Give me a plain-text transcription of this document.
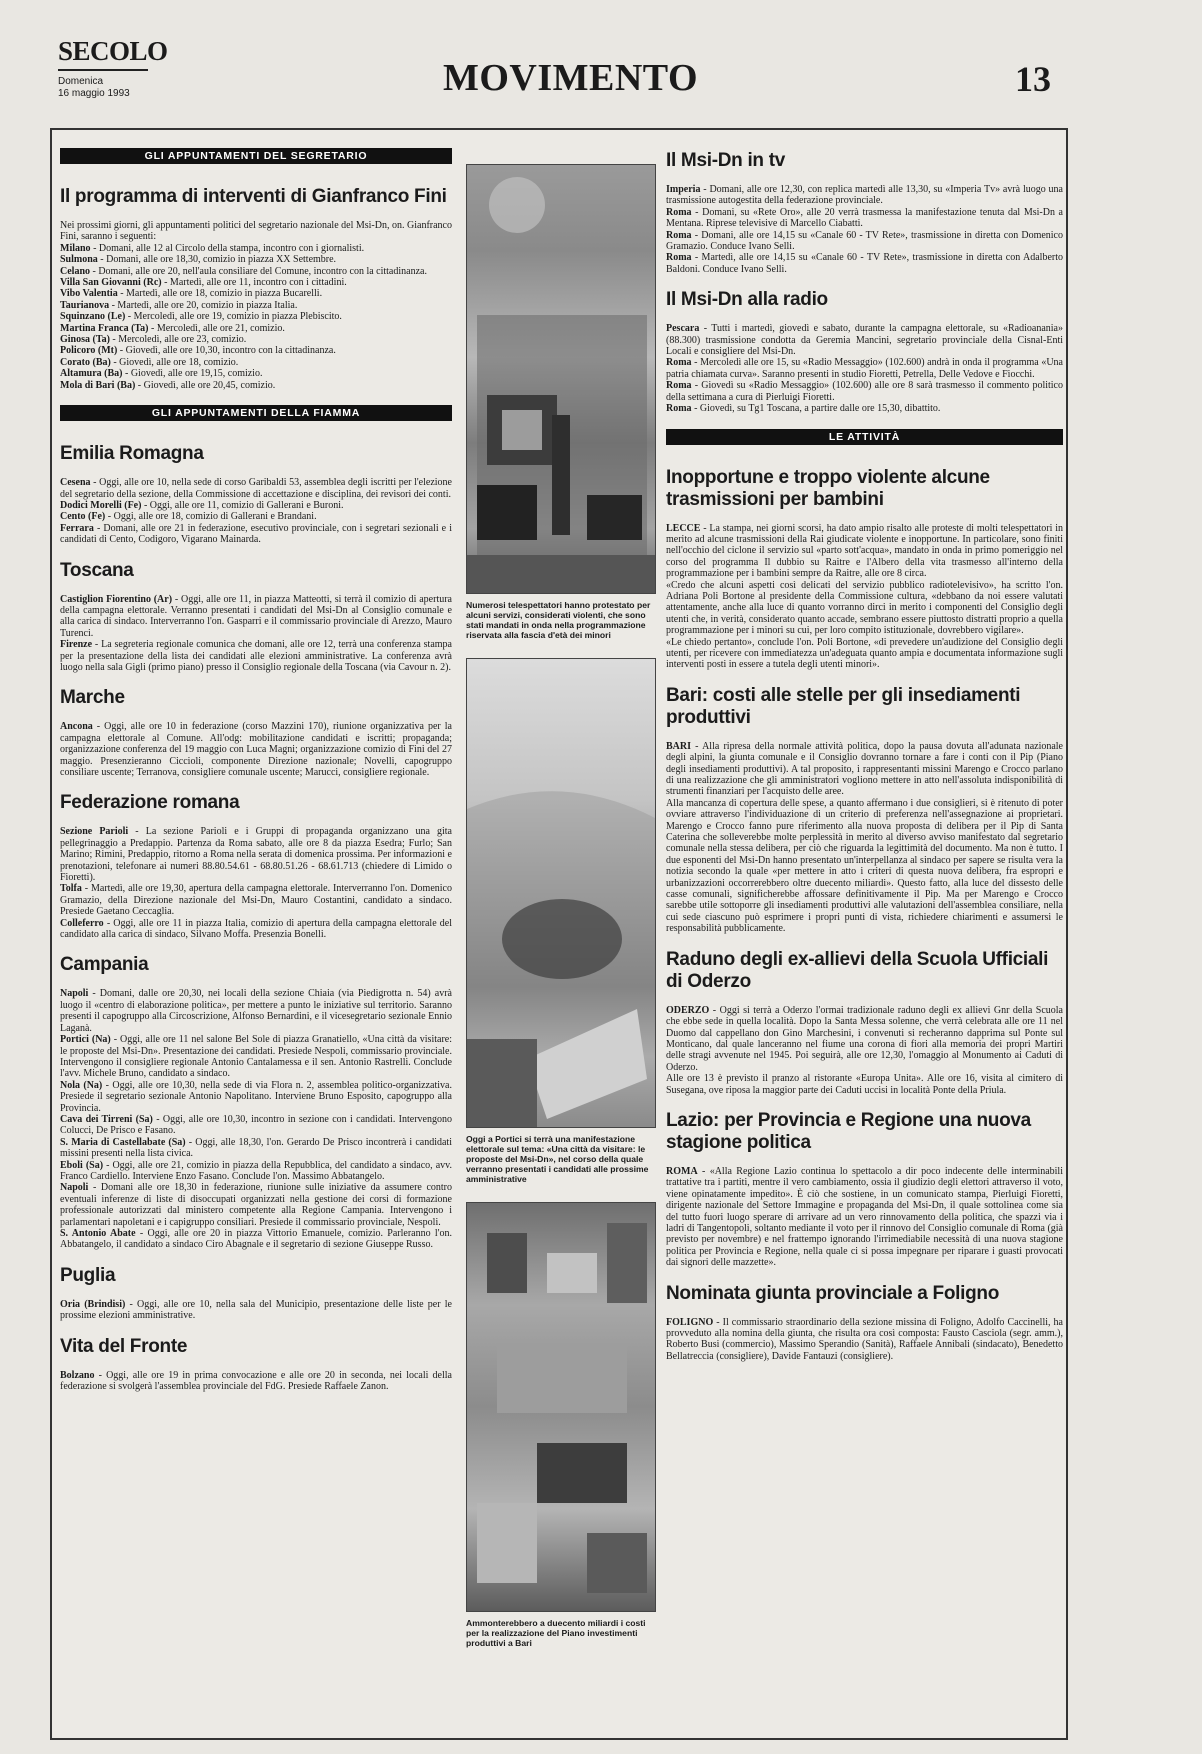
SECOLO
Domenica
16 maggio 1993	MOVIMENTO	13
GLI APPUNTAMENTI DEL SEGRETARIO
Il programma di interventi di Gianfranco Fini

Nei prossimi giorni, gli appuntamenti politici del segretario nazionale del Msi-Dn, on. Gianfranco Fini, saranno i seguenti:

Milano - Domani, alle 12 al Circolo della stampa, incontro con i giornalisti.

Sulmona - Domani, alle ore 18,30, comizio in piazza XX Settembre.

Celano - Domani, alle ore 20, nell'aula consiliare del Comune, incontro con la cittadinanza.

Villa San Giovanni (Rc) - Martedì, alle ore 11, incontro con i cittadini.

Vibo Valentia - Martedì, alle ore 18, comizio in piazza Bucarelli.

Taurianova - Martedì, alle ore 20, comizio in piazza Italia.

Squinzano (Le) - Mercoledì, alle ore 19, comizio in piazza Plebiscito.

Martina Franca (Ta) - Mercoledì, alle ore 21, comizio.

Ginosa (Ta) - Mercoledì, alle ore 23, comizio.

Policoro (Mt) - Giovedì, alle ore 10,30, incontro con la cittadinanza.

Corato (Ba) - Giovedì, alle ore 18, comizio.

Altamura (Ba) - Giovedì, alle ore 19,15, comizio.

Mola di Bari (Ba) - Giovedì, alle ore 20,45, comizio.

GLI APPUNTAMENTI DELLA FIAMMA
Emilia Romagna

Cesena - Oggi, alle ore 10, nella sede di corso Garibaldi 53, assemblea degli iscritti per l'elezione del segretario della sezione, della Commissione di accettazione e disciplina, dei revisori dei conti.

Dodici Morelli (Fe) - Oggi, alle ore 11, comizio di Gallerani e Buroni.

Cento (Fe) - Oggi, alle ore 18, comizio di Gallerani e Brandani.

Ferrara - Domani, alle ore 21 in federazione, esecutivo provinciale, con i segretari sezionali e i candidati di Cento, Codigoro, Vigarano Mainarda.

Toscana

Castiglion Fiorentino (Ar) - Oggi, alle ore 11, in piazza Matteotti, si terrà il comizio di apertura della campagna elettorale. Verranno presentati i candidati del Msi-Dn al Consiglio comunale e alla carica di sindaco. Interverranno l'on. Gasparri e il commissario provinciale di Arezzo, Mauro Turenci.

Firenze - La segreteria regionale comunica che domani, alle ore 12, terrà una conferenza stampa per la presentazione della lista dei candidati alle elezioni amministrative. La conferenza avrà luogo nella sala Gigli (primo piano) presso il Consiglio regionale della Toscana (via Cavour n. 2).

Marche

Ancona - Oggi, alle ore 10 in federazione (corso Mazzini 170), riunione organizzativa per la campagna elettorale al Comune. All'odg: mobilitazione candidati e iscritti; propaganda; organizzazione conferenza del 19 maggio con Luca Magni; organizzazione comizio di Fini del 27 maggio. Presenzieranno Ciccioli, componente Direzione nazionale; Novelli, capogruppo consiliare uscente; Terranova, consigliere comunale uscente; Marucci, consigliere regionale.

Federazione romana

Sezione Parioli - La sezione Parioli e i Gruppi di propaganda organizzano una gita pellegrinaggio a Predappio. Partenza da Roma sabato, alle ore 8 da piazza Esedra; Furlo; San Marino; Rimini, Predappio, ritorno a Roma nella serata di domenica prossima. Per informazioni e prenotazioni, telefonare ai numeri 88.80.54.61 - 68.80.51.26 - 68.61.713 (chiedere di Limido o Fioretti).

Tolfa - Martedì, alle ore 19,30, apertura della campagna elettorale. Interverranno l'on. Domenico Gramazio, della Direzione nazionale del Msi-Dn, Mauro Costantini, candidato a sindaco. Presiede Gaetano Ceccaglia.

Colleferro - Oggi, alle ore 11 in piazza Italia, comizio di apertura della campagna elettorale del candidato alla carica di sindaco, Silvano Moffa. Presenzia Bonelli.

Campania

Napoli - Domani, dalle ore 20,30, nei locali della sezione Chiaia (via Piedigrotta n. 54) avrà luogo il «centro di elaborazione politica», per mettere a punto le iniziative sul territorio. Saranno presenti il capogruppo alla Circoscrizione, Alfonso Bernardini, e il vicesegretario sezionale Ennio Laganà.

Portici (Na) - Oggi, alle ore 11 nel salone Bel Sole di piazza Granatiello, «Una città da visitare: le proposte del Msi-Dn». Presentazione dei candidati. Presiede Nespoli, commissario provinciale. Intervengono il consigliere regionale Antonio Cantalamessa e il sen. Antonio Rastrelli. Conclude l'avv. Michele Bruno, candidato a sindaco.

Nola (Na) - Oggi, alle ore 10,30, nella sede di via Flora n. 2, assemblea politico-organizzativa. Presiede il segretario sezionale Antonio Napolitano. Interviene Bruno Esposito, capogruppo alla Provincia.

Cava dei Tirreni (Sa) - Oggi, alle ore 10,30, incontro in sezione con i candidati. Intervengono Colucci, De Prisco e Fasano.

S. Maria di Castellabate (Sa) - Oggi, alle 18,30, l'on. Gerardo De Prisco incontrerà i candidati missini presenti nella lista civica.

Eboli (Sa) - Oggi, alle ore 21, comizio in piazza della Repubblica, del candidato a sindaco, avv. Franco Cardiello. Interviene Enzo Fasano. Conclude l'on. Massimo Abbatangelo.

Napoli - Domani alle ore 18,30 in federazione, riunione sulle iniziative da assumere contro eventuali inferenze di liste di disoccupati organizzati nella gestione dei corsi di formazione professionale autorizzati dal ministero competente alla Regione Campania. Intervengono i parlamentari napoletani e i capigruppo consiliari. Presiede il commissario provinciale, Nespoli.

S. Antonio Abate - Oggi, alle ore 20 in piazza Vittorio Emanuele, comizio. Parleranno l'on. Abbatangelo, il candidato a sindaco Ciro Abagnale e il segretario di sezione Giuseppe Russo.

Puglia

Oria (Brindisi) - Oggi, alle ore 10, nella sala del Municipio, presentazione delle liste per le prossime elezioni amministrative.

Vita del Fronte

Bolzano - Oggi, alle ore 19 in prima convocazione e alle ore 20 in seconda, nei locali della federazione si svolgerà l'assemblea provinciale del FdG. Presiede Raffaele Zanon.

Numerosi telespettatori hanno protestato per alcuni servizi, considerati violenti, che sono stati mandati in onda nella programmazione riservata alla fascia d'età dei minori
Oggi a Portici si terrà una manifestazione elettorale sul tema: «Una città da visitare: le proposte del Msi-Dn», nel corso della quale verranno presentati i candidati alle prossime amministrative
Ammonterebbero a duecento miliardi i costi per la realizzazione del Piano investimenti produttivi a Bari
Il Msi-Dn in tv

Imperia - Domani, alle ore 12,30, con replica martedì alle 13,30, su «Imperia Tv» avrà luogo una trasmissione autogestita della federazione provinciale.

Roma - Domani, su «Rete Oro», alle 20 verrà trasmessa la manifestazione tenuta dal Msi-Dn a Mentana. Riprese televisive di Marcello Ciabatti.

Roma - Domani, alle ore 14,15 su «Canale 60 - TV Rete», trasmissione in diretta con Domenico Gramazio. Conduce Ivano Selli.

Roma - Martedì, alle ore 14,15 su «Canale 60 - TV Rete», trasmissione in diretta con Adalberto Baldoni. Conduce Ivano Selli.

Il Msi-Dn alla radio

Pescara - Tutti i martedì, giovedì e sabato, durante la campagna elettorale, su «Radioanania» (88.300) trasmissione condotta da Geremia Mancini, segretario provinciale della Cisnal-Enti Locali e consigliere del Msi-Dn.

Roma - Mercoledì alle ore 15, su «Radio Messaggio» (102.600) andrà in onda il programma «Una patria chiamata curva». Saranno presenti in studio Fioretti, Petrella, Delle Vedove e Fiocchi.

Roma - Giovedì su «Radio Messaggio» (102.600) alle ore 8 sarà trasmesso il commento politico della settimana a cura di Pierluigi Fioretti.

Roma - Giovedì, su Tg1 Toscana, a partire dalle ore 15,30, dibattito.

LE ATTIVITÀ
Inopportune e troppo violente alcune trasmissioni per bambini

LECCE - La stampa, nei giorni scorsi, ha dato ampio risalto alle proteste di molti telespettatori in merito ad alcune trasmissioni della Rai giudicate violente e inopportune. In particolare, sono finiti nell'occhio del ciclone il servizio sul «parto sott'acqua», mandato in onda in primo pomeriggio nel corso del programma Il dubbio su Raitre e l'Albero della vita trasmesso all'interno della programmazione per i bambini sempre da Raitre, alle ore 8 circa.

«Credo che alcuni aspetti così delicati del servizio pubblico radiotelevisivo», ha scritto l'on. Adriana Poli Bortone al presidente della Commissione cultura, «debbano da noi essere valutati attentamente, anche alla luce di quanto vorranno dirci in merito i componenti del Consiglio degli utenti che, in verità, considerato quanto accade, sembrano essere piuttosto distratti proprio a quella programmazione per i minori su cui, per loro compito istituzionale, dovrebbero vigilare».

«Le chiedo pertanto», conclude l'on. Poli Bortone, «di prevedere un'audizione del Consiglio degli utenti, per ricevere con immediatezza un'adeguata quanto ampia e documentata informazione sugli interventi posti in essere a tutela degli utenti minori».

Bari: costi alle stelle per gli insediamenti produttivi

BARI - Alla ripresa della normale attività politica, dopo la pausa dovuta all'adunata nazionale degli alpini, la giunta comunale e il Consiglio dovranno tornare a fare i conti con il Pip (Piano degli insediamenti produttivi). A tal proposito, i rappresentanti missini Marengo e Crocco parlano di una realizzazione che gli amministratori vogliono mettere in atto nell'assoluta indisponibilità di strumenti finanziari per l'acquisto delle aree.

Alla mancanza di copertura delle spese, a quanto affermano i due consiglieri, si è ritenuto di poter ovviare attraverso l'individuazione di un criterio di preferenza nell'assegnazione ai proprietari. Marengo e Crocco fanno pure riferimento alla nuova proposta di delibera per il Pip di Santa Caterina che solleverebbe molte perplessità in merito al diverso avviso manifestato dal segretario comunale nella stessa delibera, per ciò che riguarda la legittimità del documento. Ma non è tutto. I due esponenti del Msi-Dn hanno presentato un'interpellanza al sindaco per sapere se risulta vera la notizia secondo la quale «per mettere in atto i criteri di questa nuova delibera, fra espropri e urbanizzazioni occorrerebbero oltre duecento miliardi». Questo fatto, alla luce del dissesto delle casse comunali, significherebbe affossare definitivamente il Pip. Ma per Marengo e Crocco sarebbe utile sottoporre gli insediamenti produttivi alle valutazioni dell'assemblea consiliare, nella cui sede ciascuno può esprimere i propri punti di vista, richiedere chiarimenti e assumersi le responsabilità pubblicamente.

Raduno degli ex-allievi della Scuola Ufficiali di Oderzo

ODERZO - Oggi si terrà a Oderzo l'ormai tradizionale raduno degli ex allievi Gnr della Scuola che ebbe sede in quella località. Dopo la Santa Messa solenne, che verrà celebrata alle ore 11 nel Duomo dal cappellano don Gino Marchesini, i convenuti si recheranno dapprima sul Ponte sul Monticano, dal quale lanceranno nel fiume una corona di fiori alla memoria dei propri Martiri delle stragi avvenute nel 1945. Poi seguirà, alle ore 12,30, l'omaggio al Monumento ai Caduti di Oderzo.

Alle ore 13 è previsto il pranzo al ristorante «Europa Unita». Alle ore 16, visita al cimitero di Susegana, ove riposa la maggior parte dei Caduti uccisi in località Ponte della Priula.

Lazio: per Provincia e Regione una nuova stagione politica

ROMA - «Alla Regione Lazio continua lo spettacolo a dir poco indecente delle interminabili trattative tra i partiti, mentre il vero cambiamento, ossia il giudizio degli elettori attraverso il voto, viene opinatamente impedito». È ciò che sostiene, in un comunicato stampa, Pierluigi Fioretti, dirigente nazionale del Settore Immagine e propaganda del Msi-Dn, il quale sottolinea come sia del tutto fuori luogo sperare di arrivare ad un vero rinnovamento della politica, che spazzi via i ladri di Tangentopoli, soltanto mediante il voto per il rinnovo del Consiglio comunale di Roma (già previsto per novembre) e nel frattempo ignorando l'irrimediabile necessità di una nuova stagione politica per Provincia e Regione, nella quale ci si possa impegnare per riparare i guasti provocati dai signori delle mazzette».

Nominata giunta provinciale a Foligno

FOLIGNO - Il commissario straordinario della sezione missina di Foligno, Adolfo Caccinelli, ha provveduto alla nomina della giunta, che risulta ora così composta: Fausto Casciola (segr. amm.), Roberto Busi (commercio), Massimo Sperandio (Sanità), Raffaele Annibali (sindacato), Benedetto Bellatreccia (consigliere), Davide Fantauzi (consigliere).
